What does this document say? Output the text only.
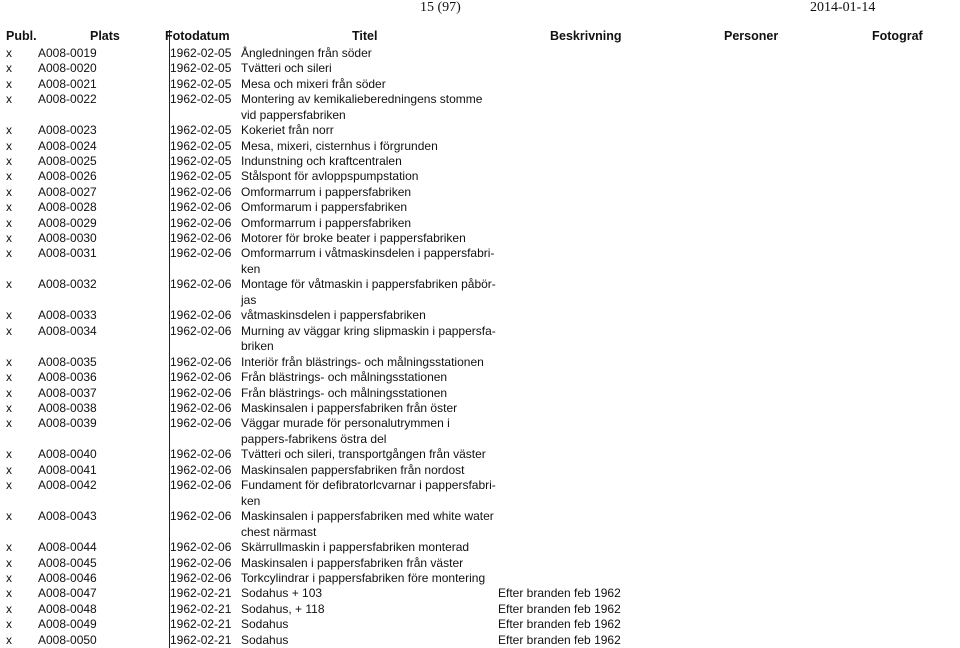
15 (97)	2014-01-14
Publ.	Plats	Fotodatum	Titel	Beskrivning	Personer	Fotograf
x A008-0019	1962-02-05 Ångledningen från söder
x A008-0020	1962-02-05 Tvätteri och sileri
x A008-0021	1962-02-05 Mesa och mixeri från söder
x A008-0022	1962-02-05 Montering av kemikalieberedningens stomme vid pappersfabriken
x A008-0023	1962-02-05 Kokeriet från norr
x A008-0024	1962-02-05 Mesa, mixeri, cisternhus i förgrunden
x A008-0025	1962-02-05 Indunstning och kraftcentralen
x A008-0026	1962-02-05 Stålspont för avloppspumpstation
x A008-0027	1962-02-06 Omformarrum i pappersfabriken
x A008-0028	1962-02-06 Omformarum i pappersfabriken
x A008-0029	1962-02-06 Omformarrum i pappersfabriken
x A008-0030	1962-02-06 Motorer för broke beater i pappersfabriken
x A008-0031	1962-02-06 Omformarrum i våtmaskinsdelen i pappersfabri-ken
x A008-0032	1962-02-06 Montage för våtmaskin i pappersfabriken påbör-jas
x A008-0033	1962-02-06 våtmaskinsdelen i pappersfabriken
x A008-0034	1962-02-06 Murning av väggar kring slipmaskin i pappersfa-briken
x A008-0035	1962-02-06 Interiör från blästrings- och målningsstationen
x A008-0036	1962-02-06 Från blästrings- och målningsstationen
x A008-0037	1962-02-06 Från blästrings- och målningsstationen
x A008-0038	1962-02-06 Maskinsalen i pappersfabriken från öster
x A008-0039	1962-02-06 Väggar murade för personalutrymmen i pappers-fabrikens östra del
x A008-0040	1962-02-06 Tvätteri och sileri, transportgången från väster
x A008-0041	1962-02-06 Maskinsalen pappersfabriken från nordost
x A008-0042	1962-02-06 Fundament för defibratorlcvarnar i pappersfabri-ken
x A008-0043	1962-02-06 Maskinsalen i pappersfabriken med white water chest närmast
x A008-0044	1962-02-06 Skärrullmaskin i pappersfabriken monterad
x A008-0045	1962-02-06 Maskinsalen i pappersfabriken från väster
x A008-0046	1962-02-06 Torkcylindrar i pappersfabriken före montering
x A008-0047	1962-02-21 Sodahus + 103	Efter branden feb 1962
x A008-0048	1962-02-21 Sodahus, + 118	Efter branden feb 1962
x A008-0049	1962-02-21 Sodahus	Efter branden feb 1962
x A008-0050	1962-02-21 Sodahus	Efter branden feb 1962
